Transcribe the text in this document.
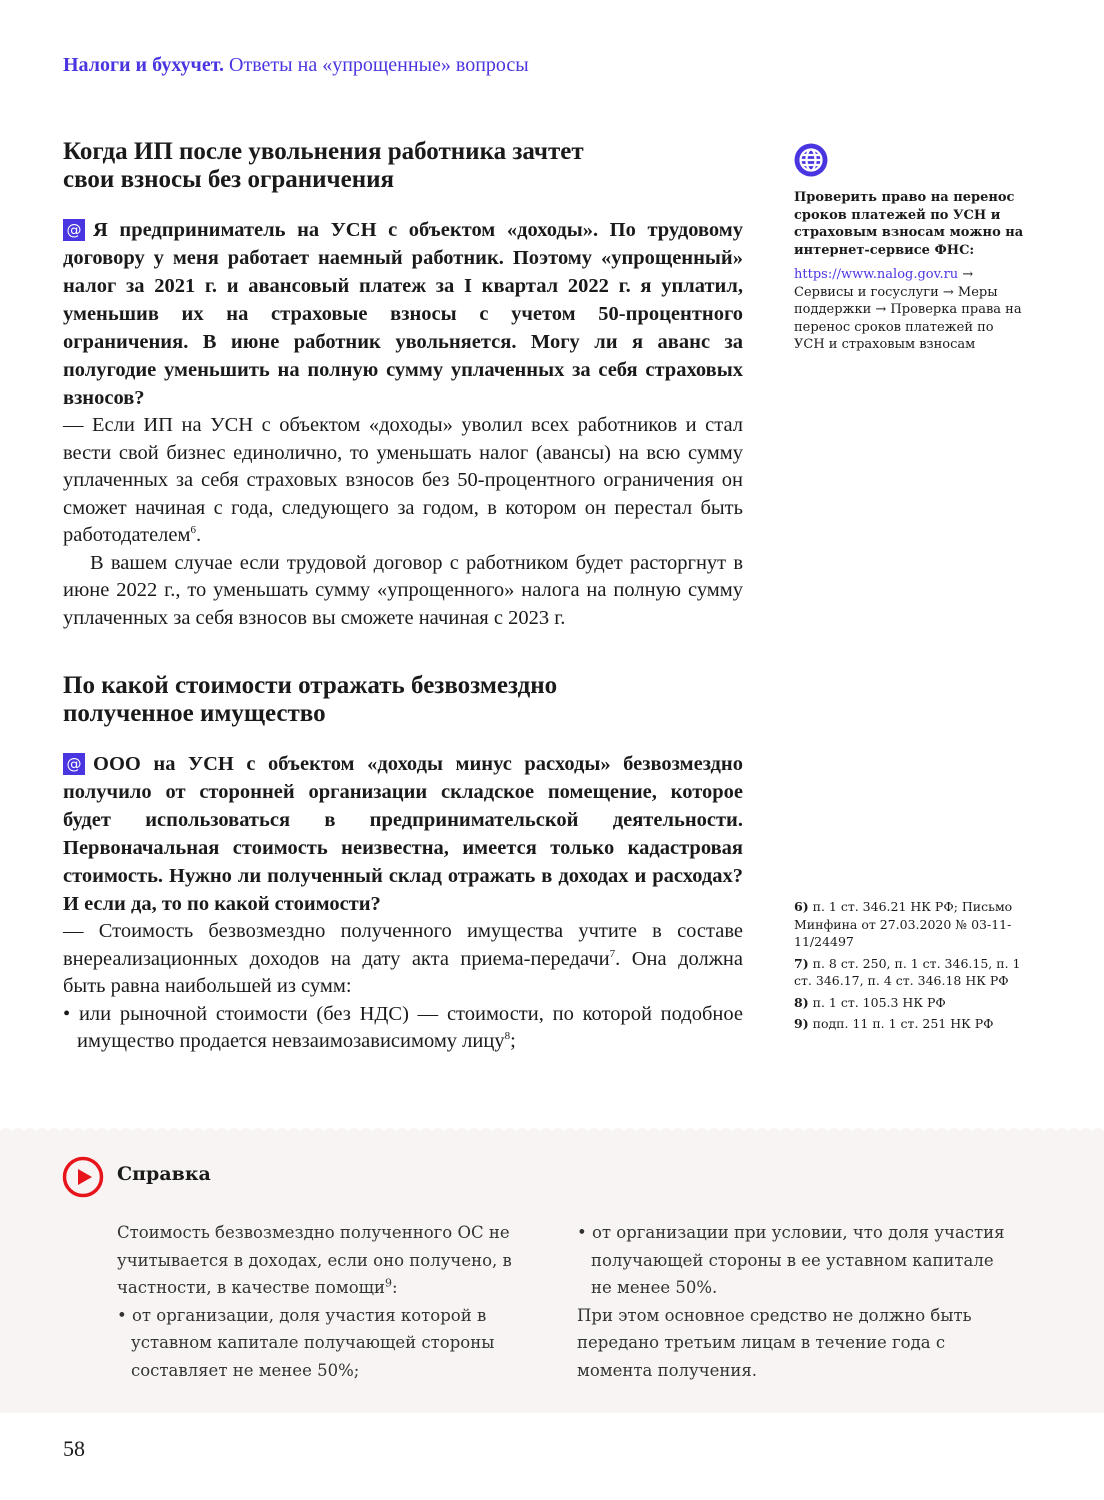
Налоги и бухучет. Ответы на «упрощенные» вопросы
Когда ИП после увольнения работника зачтет
свои взносы без ограничения

@ Я предприниматель на УСН с объектом «доходы». По трудовому договору у меня работает наемный работник. Поэтому «упрощенный» налог за 2021 г. и авансовый платеж за I квартал 2022 г. я уплатил, уменьшив их на страховые взносы с учетом 50-процентного ограничения. В июне работник увольняется. Могу ли я аванс за полугодие уменьшить на полную сумму уплаченных за себя страховых взносов?

— Если ИП на УСН с объектом «доходы» уволил всех работников и стал вести свой бизнес единолично, то уменьшать налог (авансы) на всю сумму уплаченных за себя страховых взносов без 50-процентного ограничения он сможет начиная с года, следующего за годом, в котором он перестал быть работодателем$^6$.

В вашем случае если трудовой договор с работником будет расторгнут в июне 2022 г., то уменьшать сумму «упрощенного» налога на полную сумму уплаченных за себя взносов вы сможете начиная с 2023 г.

По какой стоимости отражать безвозмездно
полученное имущество

@ ООО на УСН с объектом «доходы минус расходы» безвозмездно получило от сторонней организации складское помещение, которое будет использоваться в предпринимательской деятельности. Первоначальная стоимость неизвестна, имеется только кадастровая стоимость. Нужно ли полученный склад отражать в доходах и расходах? И если да, то по какой стоимости?

— Стоимость безвозмездно полученного имущества учтите в составе внереализационных доходов на дату акта приема-передачи$^7$. Она должна быть равна наибольшей из сумм:

• или рыночной стоимости (без НДС) — стоимости, по которой подобное имущество продается невзаимозависимому лицу$^8$;

Проверить право на перенос сроков платежей по УСН и страховым взносам можно на интернет-сервисе ФНС:
https://www.nalog.gov.ru → Сервисы и госуслуги → Меры поддержки → Проверка права на перенос сроков платежей по УСН и страховым взносам
6) п. 1 ст. 346.21 НК РФ; Письмо Минфина от 27.03.2020 № 03-11-11/24497
7) п. 8 ст. 250, п. 1 ст. 346.15, п. 1 ст. 346.17, п. 4 ст. 346.18 НК РФ
8) п. 1 ст. 105.3 НК РФ
9) подп. 11 п. 1 ст. 251 НК РФ
Справка
Стоимость безвозмездно полученного ОС не учитывается в доходах, если оно получено, в частности, в качестве помощи$^9$:
• от организации, доля участия которой в уставном капитале получающей стороны составляет не менее 50%;
• от организации при условии, что доля участия получающей стороны в ее уставном капитале не менее 50%.
При этом основное средство не должно быть передано третьим лицам в течение года с момента получения.
58
